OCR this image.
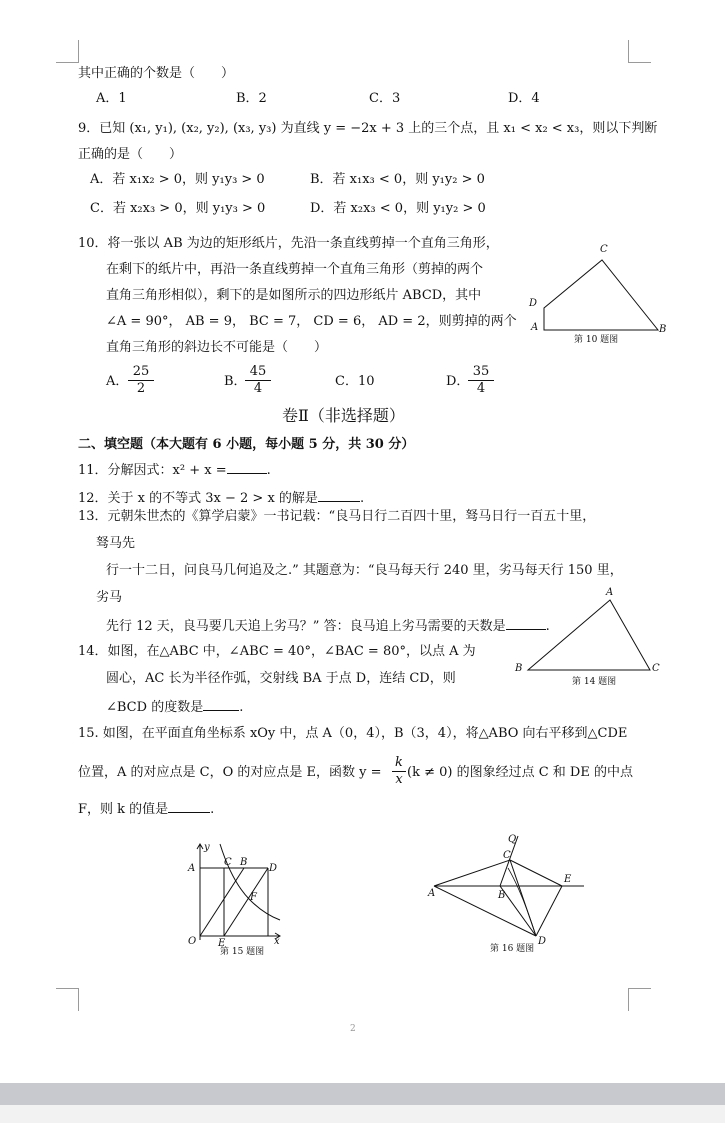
其中正确的个数是（　　）
A．1	B．2	C．3	D．4
9．已知 (x₁, y₁), (x₂, y₂), (x₃, y₃) 为直线 y = −2x + 3 上的三个点，且 x₁ < x₂ < x₃，则以下判断
正确的是（　　）
A．若 x₁x₂ > 0，则 y₁y₃ > 0	B．若 x₁x₃ < 0，则 y₁y₂ > 0
C．若 x₂x₃ > 0，则 y₁y₃ > 0	D．若 x₂x₃ < 0，则 y₁y₂ > 0
10．将一张以 AB 为边的矩形纸片，先沿一条直线剪掉一个直角三角形，
在剩下的纸片中，再沿一条直线剪掉一个直角三角形（剪掉的两个
直角三角形相似），剩下的是如图所示的四边形纸片 ABCD，其中
∠A = 90°， AB = 9， BC = 7， CD = 6， AD = 2，则剪掉的两个
直角三角形的斜边长不可能是（　　）
A． $\frac{25}{2}$	B．
$\frac{45}{4}$	C．10	D．
$\frac{35}{4}$
C
D
A	B
第 10 题图
卷Ⅱ（非选择题）
二、填空题（本大题有 6 小题，每小题 5 分，共 30 分）
11．分解因式：x² + x =	.
12．关于 x 的不等式 3x − 2 > x 的解是	.
13．元朝朱世杰的《算学启蒙》一书记载：“良马日行二百四十里，驽马日行一百五十里，
驽马先
行一十二日，问良马几何追及之.” 其题意为：“良马每天行 240 里，劣马每天行 150 里，
劣马
先行 12 天，良马要几天追上劣马？” 答：良马追上劣马需要的天数是	.
14．如图，在△ABC 中，∠ABC = 40°，∠BAC = 80°，以点 A 为
圆心，AC 长为半径作弧，交射线 BA 于点 D，连结 CD，则
∠BCD 的度数是	.
A
B	C
第 14 题图
15. 如图，在平面直角坐标系 xOy 中，点 A（0，4），B（3，4），将△ABO 向右平移到△CDE
位置，A 的对应点是 C，O 的对应点是 E，函数 $y = \frac{k}{x} (k \ne 0)$ 的图象经过点 C 和 DE 的中点
F，则 k 的值是	.
y
A
C B
D
F
O E	x
第 15 题图
Q
C
A	B
E
D
第 16 题图
2
